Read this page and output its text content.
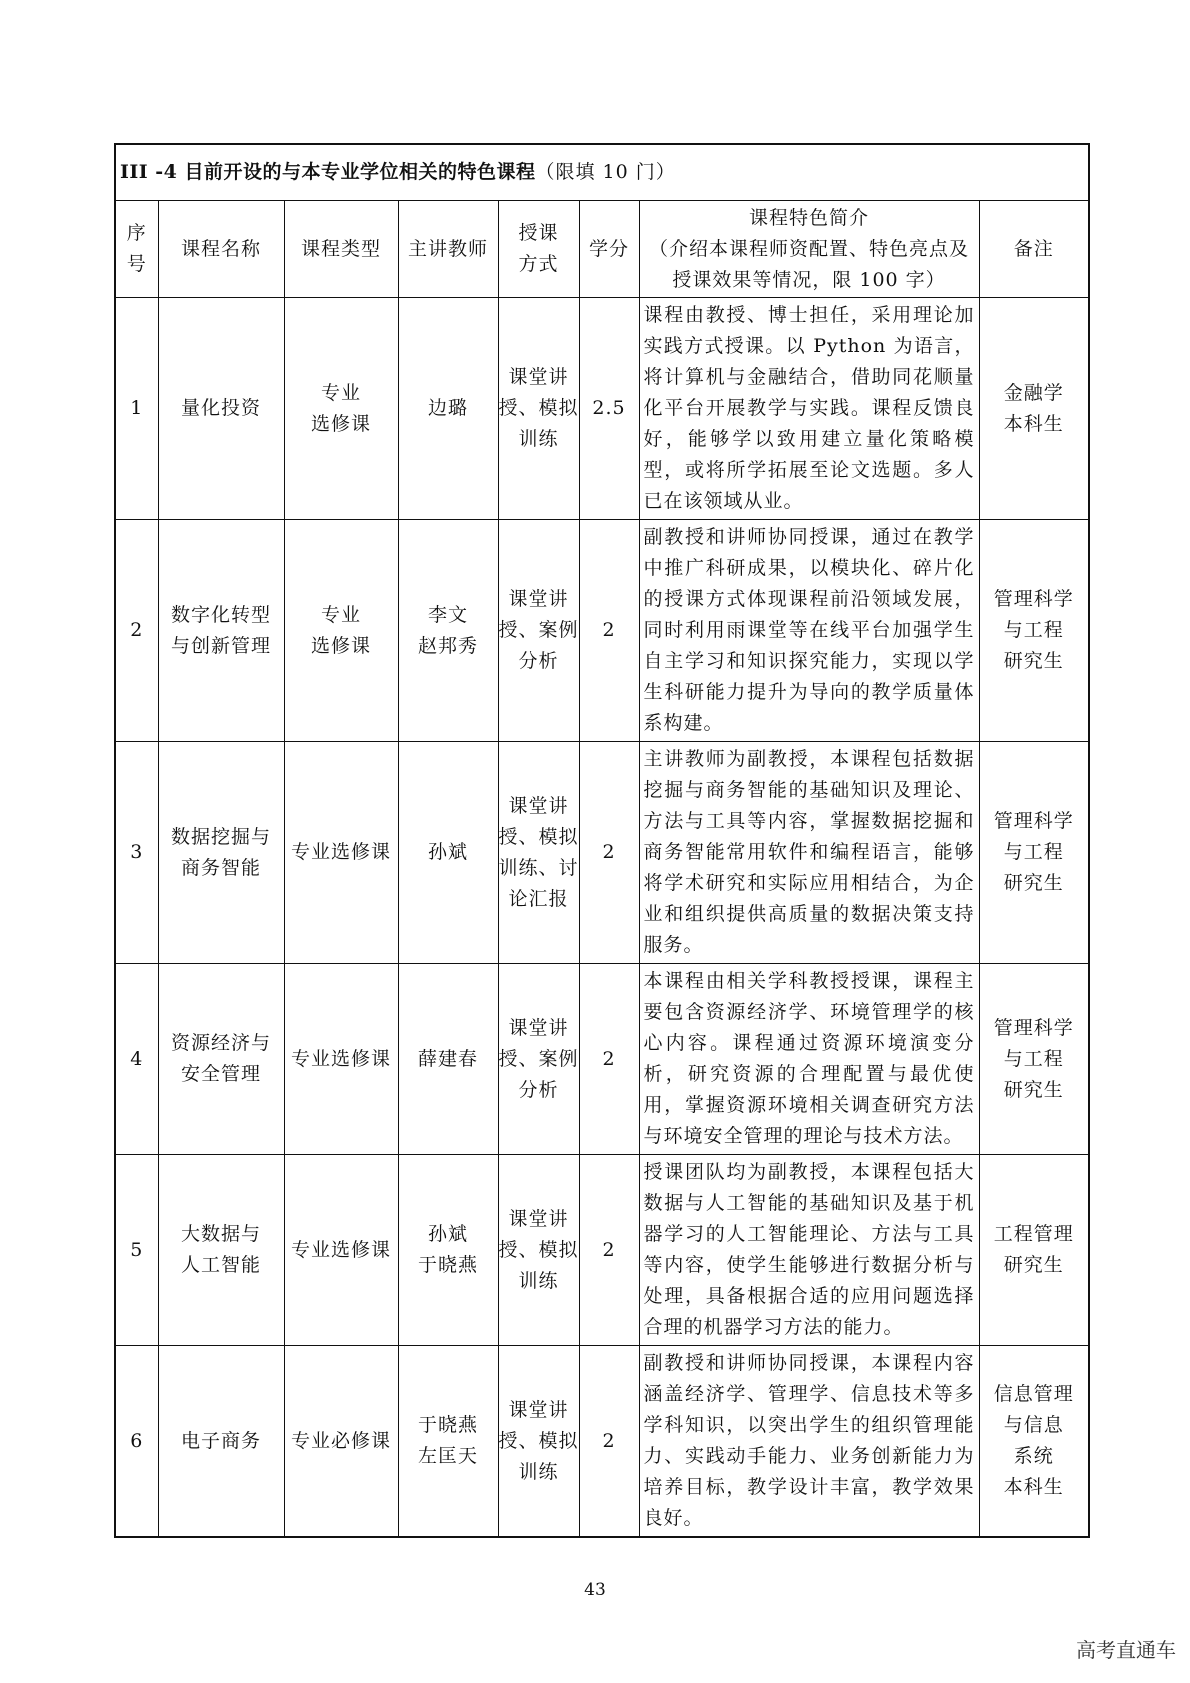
III -4 目前开设的与本专业学位相关的特色课程（限填 10 门）							

序
号	课程名称	课程类型	主讲教师	授课
方式	学分	课程特色简介
（介绍本课程师资配置、特色亮点及
授课效果等情况，限 100 字）	备注
1	量化投资	专业
选修课	边璐	课堂讲
授、模拟
训练	2.5	课程由教授、博士担任，采用理论加实践方式授课。以 Python 为语言，将计算机与金融结合，借助同花顺量化平台开展教学与实践。课程反馈良好，能够学以致用建立量化策略模型，或将所学拓展至论文选题。多人已在该领域从业。	金融学
本科生

2	数字化转型
与创新管理	专业
选修课	李文
赵邦秀	课堂讲
授、案例
分析	2	副教授和讲师协同授课，通过在教学中推广科研成果，以模块化、碎片化的授课方式体现课程前沿领域发展，同时利用雨课堂等在线平台加强学生自主学习和知识探究能力，实现以学生科研能力提升为导向的教学质量体系构建。	管理科学
与工程
研究生

3	数据挖掘与
商务智能	专业选修课	孙斌	课堂讲
授、模拟
训练、讨
论汇报	2	主讲教师为副教授，本课程包括数据挖掘与商务智能的基础知识及理论、方法与工具等内容，掌握数据挖掘和商务智能常用软件和编程语言，能够将学术研究和实际应用相结合，为企业和组织提供高质量的数据决策支持服务。	管理科学
与工程
研究生

4	资源经济与
安全管理	专业选修课	薛建春	课堂讲
授、案例
分析	2	本课程由相关学科教授授课，课程主要包含资源经济学、环境管理学的核心内容。课程通过资源环境演变分析，研究资源的合理配置与最优使用，掌握资源环境相关调查研究方法与环境安全管理的理论与技术方法。	管理科学
与工程
研究生

5	大数据与
人工智能	专业选修课	孙斌
于晓燕	课堂讲
授、模拟
训练	2	授课团队均为副教授，本课程包括大数据与人工智能的基础知识及基于机器学习的人工智能理论、方法与工具等内容，使学生能够进行数据分析与处理，具备根据合适的应用问题选择合理的机器学习方法的能力。	工程管理
研究生

6	电子商务	专业必修课	于晓燕
左匡天	课堂讲
授、模拟
训练	2	副教授和讲师协同授课，本课程内容涵盖经济学、管理学、信息技术等多学科知识，以突出学生的组织管理能力、实践动手能力、业务创新能力为培养目标，教学设计丰富，教学效果良好。	信息管理
与信息
系统
本科生
43
高考直通车
